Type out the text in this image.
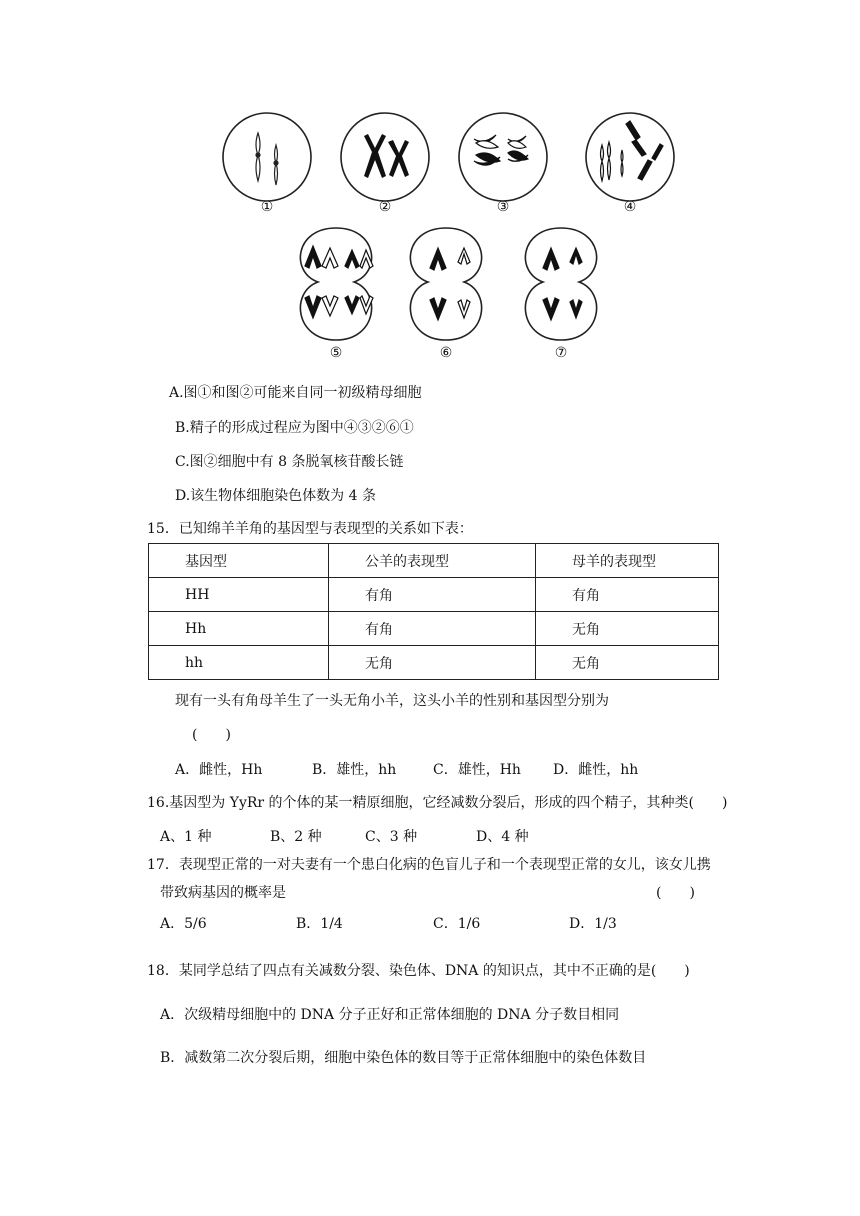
①	②	③	④
⑤	⑥	⑦
A.图①和图②可能来自同一初级精母细胞
B.精子的形成过程应为图中④③②⑥①
C.图②细胞中有 8 条脱氧核苷酸长链
D.该生物体细胞染色体数为 4 条
15．已知绵羊羊角的基因型与表现型的关系如下表：
基因型	公羊的表现型	母羊的表现型
HH	有角	有角
Hh	有角	无角
hh	无角	无角
现有一头有角母羊生了一头无角小羊，这头小羊的性别和基因型分别为
(　　)
A．雌性，Hh	B．雄性，hh	C．雄性，Hh D．雌性，hh
16.基因型为 YyRr 的个体的某一精原细胞，它经减数分裂后，形成的四个精子，其种类(　　)
A、1 种	B、2 种	C、3 种	D、4 种
17．表现型正常的一对夫妻有一个患白化病的色盲儿子和一个表现型正常的女儿，该女儿携
带致病基因的概率是	(　　)
A．5/6	B．1/4	C．1/6	D．1/3
18．某同学总结了四点有关减数分裂、染色体、DNA 的知识点，其中不正确的是(　　)
A．次级精母细胞中的 DNA 分子正好和正常体细胞的 DNA 分子数目相同
B．减数第二次分裂后期，细胞中染色体的数目等于正常体细胞中的染色体数目
